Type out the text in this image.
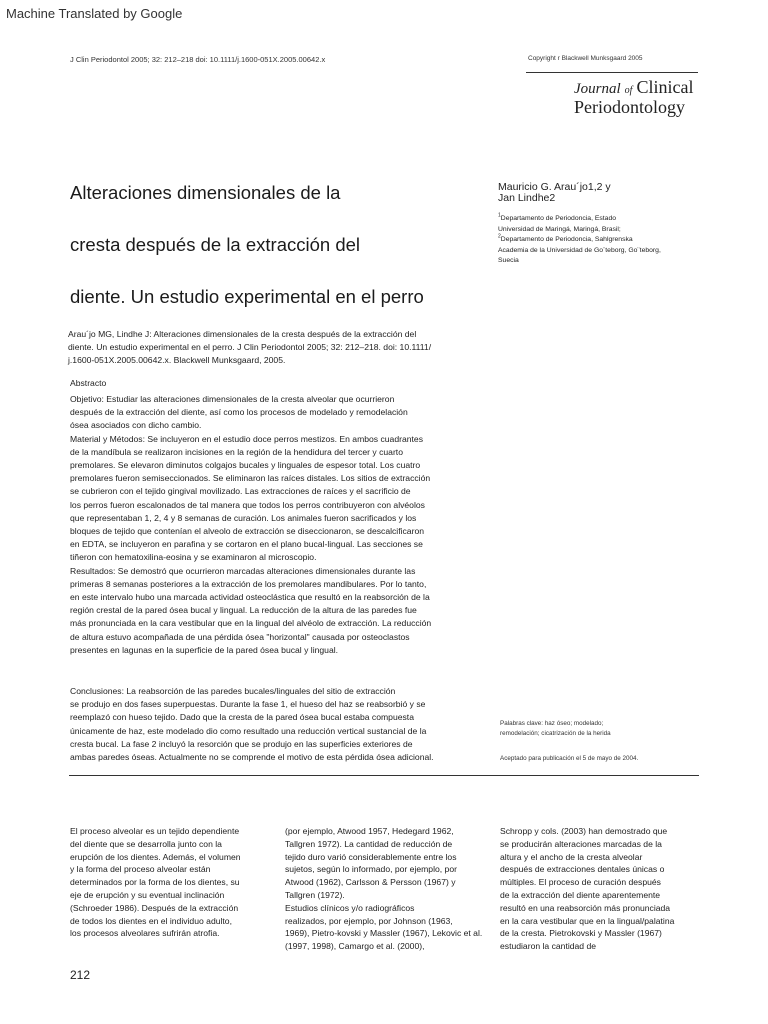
Machine Translated by Google
J Clin Periodontol 2005; 32: 212–218 doi: 10.1111/j.1600-051X.2005.00642.x	Copyright r Blackwell Munksgaard 2005
Journal of Clinical
Periodontology
Alteraciones dimensionales de la
cresta después de la extracción del
diente. Un estudio experimental en el perro
Mauricio G. Arau´jo1,2 y
Jan Lindhe2
$^1$Departamento de Periodoncia, Estado
Universidad de Maringá, Maringá, Brasil;
$^2$Departamento de Periodoncia, Sahlgrenska
Academia de la Universidad de Go¨teborg, Go¨teborg,
Suecia
Arau´jo MG, Lindhe J: Alteraciones dimensionales de la cresta después de la extracción del
diente. Un estudio experimental en el perro. J Clin Periodontol 2005; 32: 212–218. doi: 10.1111/
j.1600-051X.2005.00642.x. Blackwell Munksgaard, 2005.
Abstracto

Objetivo: Estudiar las alteraciones dimensionales de la cresta alveolar que ocurrieron

después de la extracción del diente, así como los procesos de modelado y remodelación

ósea asociados con dicho cambio.

Material y Métodos: Se incluyeron en el estudio doce perros mestizos. En ambos cuadrantes

de la mandíbula se realizaron incisiones en la región de la hendidura del tercer y cuarto

premolares. Se elevaron diminutos colgajos bucales y linguales de espesor total. Los cuatro

premolares fueron semiseccionados. Se eliminaron las raíces distales. Los sitios de extracción

se cubrieron con el tejido gingival movilizado. Las extracciones de raíces y el sacrificio de

los perros fueron escalonados de tal manera que todos los perros contribuyeron con alvéolos

que representaban 1, 2, 4 y 8 semanas de curación. Los animales fueron sacrificados y los

bloques de tejido que contenían el alveolo de extracción se diseccionaron, se descalcificaron

en EDTA, se incluyeron en parafina y se cortaron en el plano bucal-lingual. Las secciones se

tiñeron con hematoxilina-eosina y se examinaron al microscopio.

Resultados: Se demostró que ocurrieron marcadas alteraciones dimensionales durante las

primeras 8 semanas posteriores a la extracción de los premolares mandibulares. Por lo tanto,

en este intervalo hubo una marcada actividad osteoclástica que resultó en la reabsorción de la

región crestal de la pared ósea bucal y lingual. La reducción de la altura de las paredes fue

más pronunciada en la cara vestibular que en la lingual del alvéolo de extracción. La reducción

de altura estuvo acompañada de una pérdida ósea "horizontal" causada por osteoclastos

presentes en lagunas en la superficie de la pared ósea bucal y lingual.

Conclusiones: La reabsorción de las paredes bucales/linguales del sitio de extracción

se produjo en dos fases superpuestas. Durante la fase 1, el hueso del haz se reabsorbió y se

reemplazó con hueso tejido. Dado que la cresta de la pared ósea bucal estaba compuesta

únicamente de haz, este modelado dio como resultado una reducción vertical sustancial de la

cresta bucal. La fase 2 incluyó la resorción que se produjo en las superficies exteriores de

ambas paredes óseas. Actualmente no se comprende el motivo de esta pérdida ósea adicional.

Palabras clave: haz óseo; modelado;
remodelación; cicatrización de la herida
Aceptado para publicación el 5 de mayo de 2004.

El proceso alveolar es un tejido dependiente

del diente que se desarrolla junto con la

erupción de los dientes. Además, el volumen

y la forma del proceso alveolar están

determinados por la forma de los dientes, su

eje de erupción y su eventual inclinación

(Schroeder 1986). Después de la extracción

de todos los dientes en el individuo adulto,

los procesos alveolares sufrirán atrofia.

(por ejemplo, Atwood 1957, Hedegard 1962,

Tallgren 1972). La cantidad de reducción de

tejido duro varió considerablemente entre los

sujetos, según lo informado, por ejemplo, por

Atwood (1962), Carlsson & Persson (1967) y

Tallgren (1972).

Estudios clínicos y/o radiográficos

realizados, por ejemplo, por Johnson (1963,

1969), Pietro-kovski y Massler (1967), Lekovic et al.

(1997, 1998), Camargo et al. (2000),

Schropp y cols. (2003) han demostrado que

se producirán alteraciones marcadas de la

altura y el ancho de la cresta alveolar

después de extracciones dentales únicas o

múltiples. El proceso de curación después

de la extracción del diente aparentemente

resultó en una reabsorción más pronunciada

en la cara vestibular que en la lingual/palatina

de la cresta. Pietrokovski y Massler (1967)

estudiaron la cantidad de

212
